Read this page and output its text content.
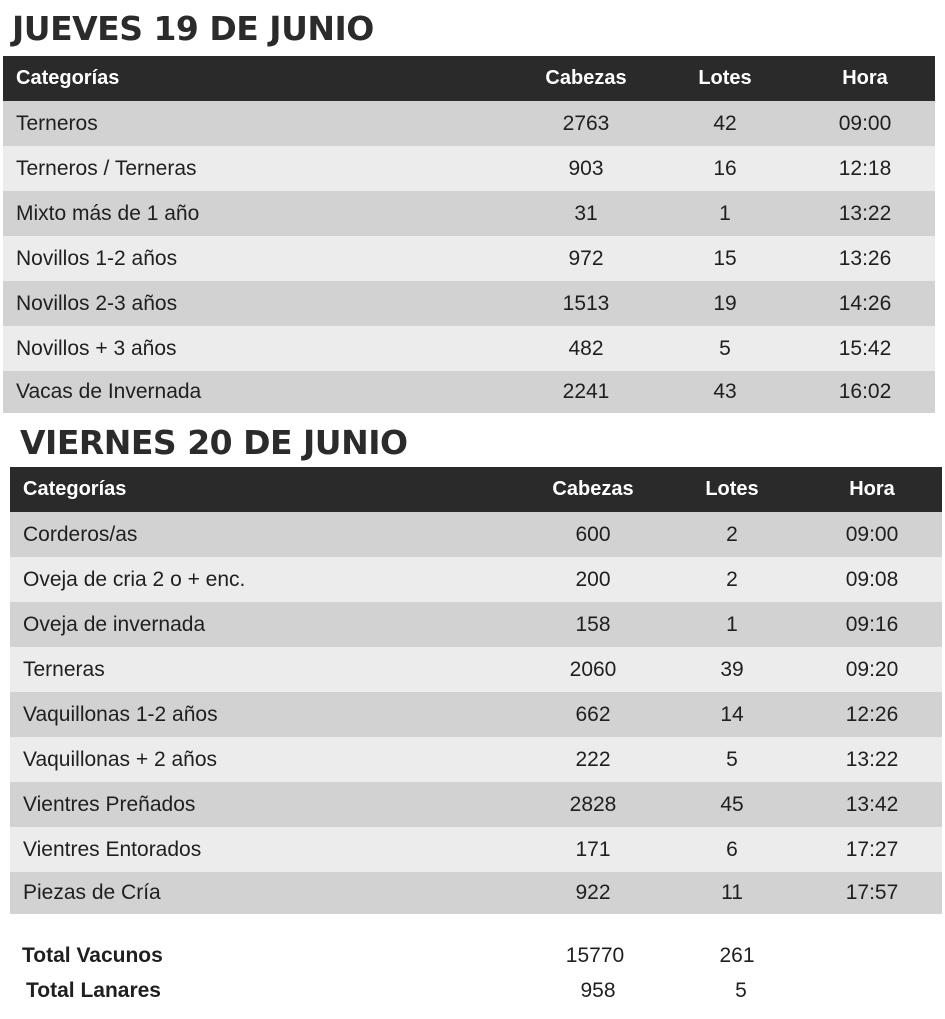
JUEVES 19 DE JUNIO
Categorías	Cabezas	Lotes	Hora
Terneros	2763	42	09:00
Terneros / Terneras	903	16	12:18
Mixto más de 1 año	31	1	13:22
Novillos 1-2 años	972	15	13:26
Novillos 2-3 años	1513	19	14:26
Novillos + 3 años	482	5	15:42
Vacas de Invernada	2241	43	16:02
VIERNES 20 DE JUNIO
Categorías	Cabezas	Lotes	Hora
Corderos/as	600	2	09:00
Oveja de cria 2 o + enc.	200	2	09:08
Oveja de invernada	158	1	09:16
Terneras	2060	39	09:20
Vaquillonas 1-2 años	662	14	12:26
Vaquillonas + 2 años	222	5	13:22
Vientres Preñados	2828	45	13:42
Vientres Entorados	171	6	17:27
Piezas de Cría	922	11	17:57
Total Vacunos	15770	261
Total Lanares	958	5
